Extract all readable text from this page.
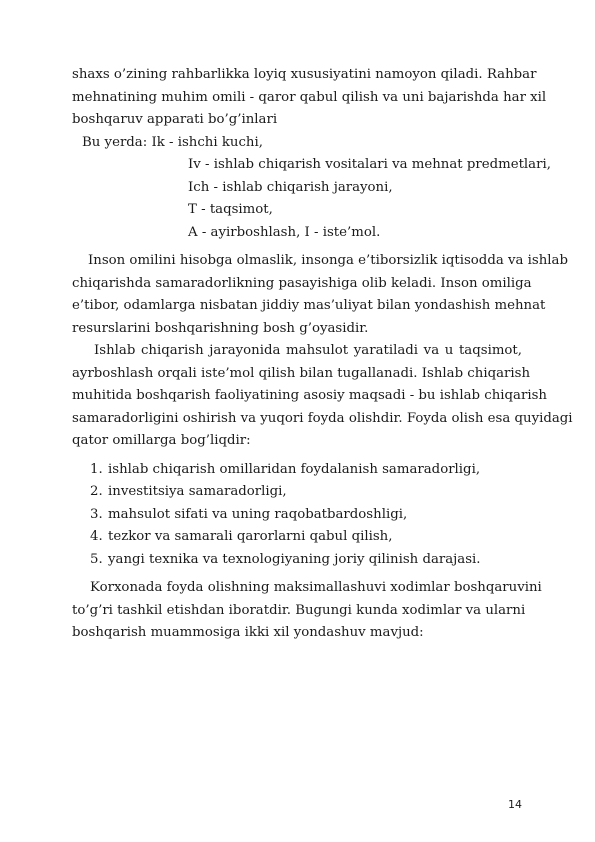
shaxs o’zining rahbarlikka loyiq xususiyatini namoyon qiladi. Rahbar

mehnatining muhim omili - qaror qabul qilish va uni bajarishda har xil

boshqaruv apparati bo’g’inlari

Bu yerda: Ik - ishchi kuchi,

Iv - ishlab chiqarish vositalari va mehnat predmetlari,

Ich - ishlab chiqarish jarayoni,

T - taqsimot,

A - ayirboshlash, I - iste’mol.

Inson omilini hisobga olmaslik, insonga e’tiborsizlik iqtisodda va ishlab

chiqarishda samaradorlikning pasayishiga olib keladi. Inson omiliga

e’tibor, odamlarga nisbatan jiddiy mas’uliyat bilan yondashish mehnat

resurslarini boshqarishning bosh g’oyasidir.

Ishlab chiqarish jarayonida mahsulot yaratiladi va u taqsimot,

ayrboshlash orqali iste’mol qilish bilan tugallanadi. Ishlab chiqarish

muhitida boshqarish faoliyatining asosiy maqsadi - bu ishlab chiqarish

samaradorligini oshirish va yuqori foyda olishdir. Foyda olish esa quyidagi

qator omillarga bog’liqdir:

1. ishlab chiqarish omillaridan foydalanish samaradorligi,
2. investitsiya samaradorligi,
3. mahsulot sifati va uning raqobatbardoshligi,
4. tezkor va samarali qarorlarni qabul qilish,
5. yangi texnika va texnologiyaning joriy qilinish darajasi.

Korxonada foyda olishning maksimallashuvi xodimlar boshqaruvini

to’g’ri tashkil etishdan iboratdir. Bugungi kunda xodimlar va ularni

boshqarish muammosiga ikki xil yondashuv mavjud:

14
